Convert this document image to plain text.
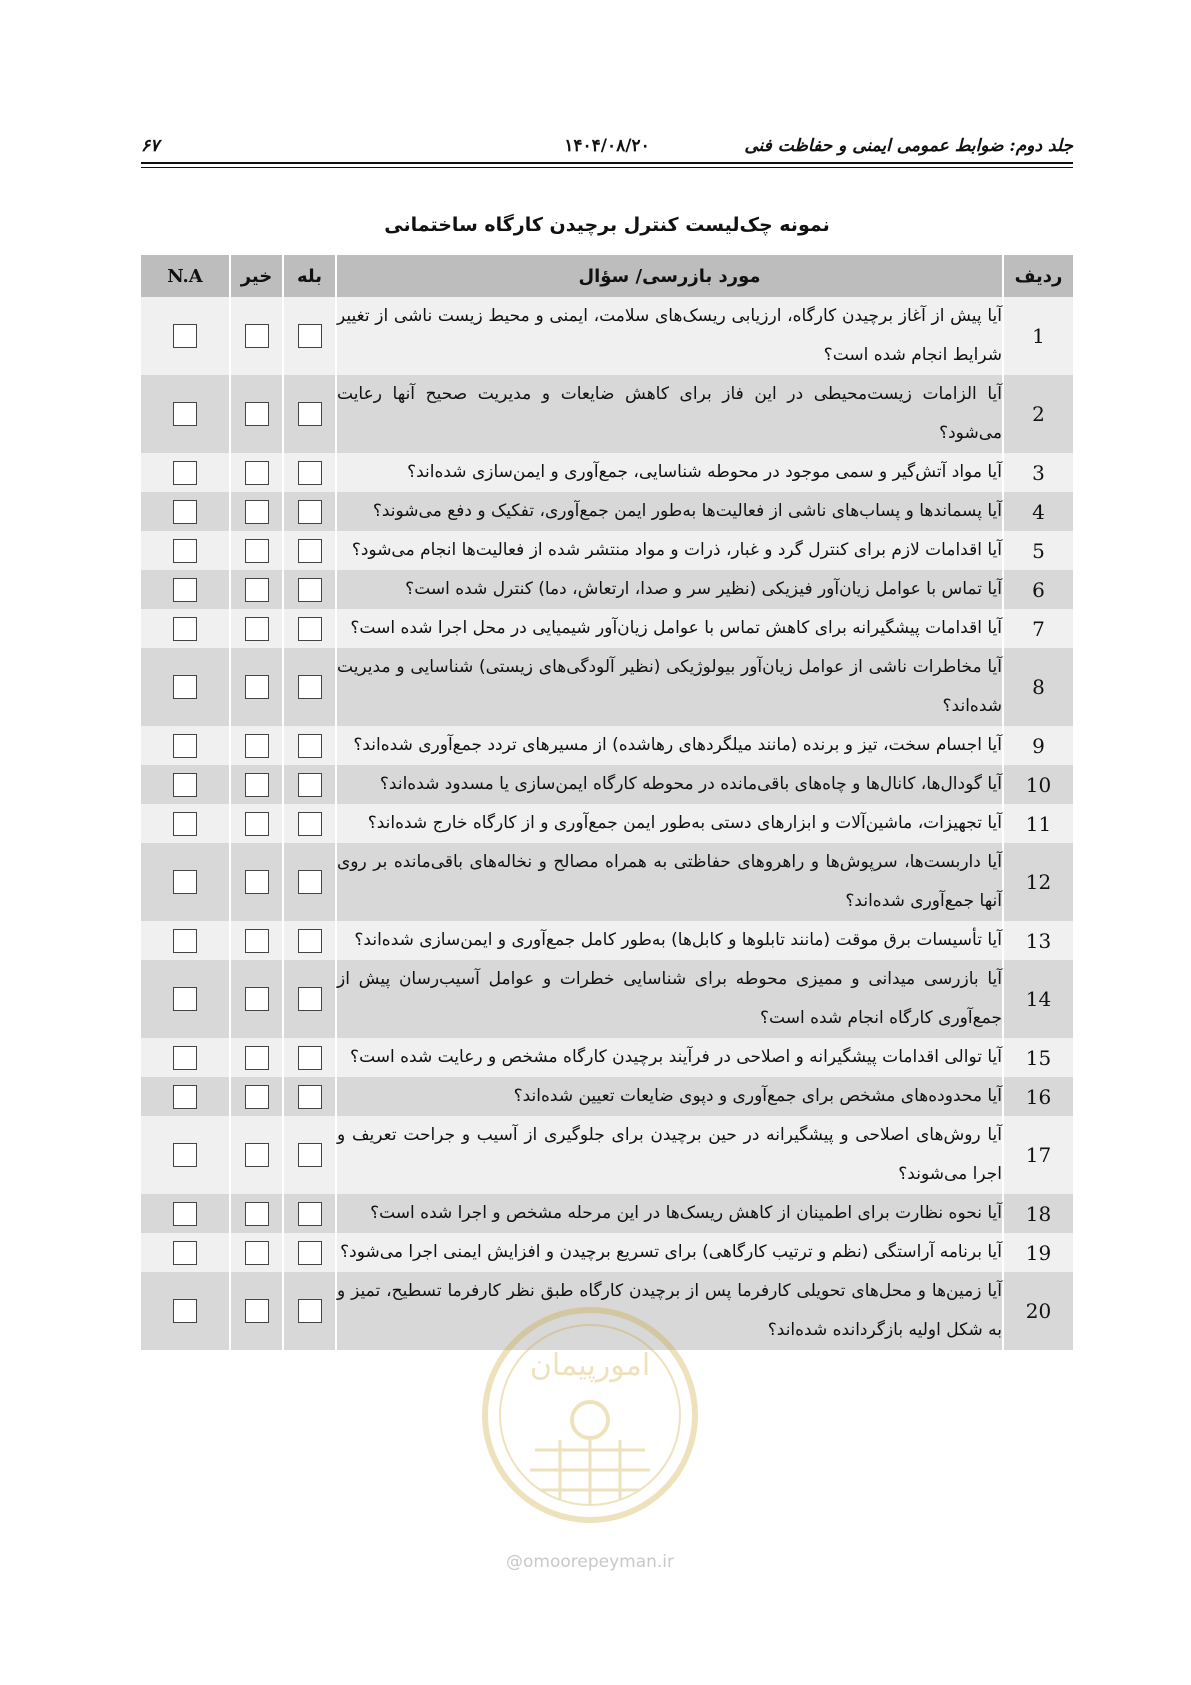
جلد دوم: ضوابط عمومی ایمنی و حفاظت فنی
۱۴۰۴/۰۸/۲۰
۶۷
نمونه چک‌لیست کنترل برچیدن کارگاه ساختمانی
ردیف	مورد بازرسی/ سؤال	بله	خیر	N.A
1	آیا پیش از آغاز برچیدن کارگاه، ارزیابی ریسک‌های سلامت، ایمنی و محیط زیست ناشی از تغییر شرایط انجام شده است؟			
2	آیا الزامات زیست‌محیطی در این فاز برای کاهش ضایعات و مدیریت صحیح آنها رعایت می‌شود؟			
3	آیا مواد آتش‌گیر و سمی موجود در محوطه شناسایی، جمع‌آوری و ایمن‌سازی شده‌اند؟			
4	آیا پسماندها و پساب‌های ناشی از فعالیت‌ها به‌طور ایمن جمع‌آوری، تفکیک و دفع می‌شوند؟			
5	آیا اقدامات لازم برای کنترل گرد و غبار، ذرات و مواد منتشر شده از فعالیت‌ها انجام می‌شود؟			
6	آیا تماس با عوامل زیان‌آور فیزیکی (نظیر سر و صدا، ارتعاش، دما) کنترل شده است؟			
7	آیا اقدامات پیشگیرانه برای کاهش تماس با عوامل زیان‌آور شیمیایی در محل اجرا شده است؟			
8	آیا مخاطرات ناشی از عوامل زیان‌آور بیولوژیکی (نظیر آلودگی‌های زیستی) شناسایی و مدیریت شده‌اند؟			
9	آیا اجسام سخت، تیز و برنده (مانند میلگردهای رهاشده) از مسیرهای تردد جمع‌آوری شده‌اند؟			
10	آیا گودال‌ها، کانال‌ها و چاه‌های باقی‌مانده در محوطه کارگاه ایمن‌سازی یا مسدود شده‌اند؟			
11	آیا تجهیزات، ماشین‌آلات و ابزارهای دستی به‌طور ایمن جمع‌آوری و از کارگاه خارج شده‌اند؟			
12	آیا داربست‌ها، سرپوش‌ها و راهروهای حفاظتی به همراه مصالح و نخاله‌های باقی‌مانده بر روی آنها جمع‌آوری شده‌اند؟			
13	آیا تأسیسات برق موقت (مانند تابلوها و کابل‌ها) به‌طور کامل جمع‌آوری و ایمن‌سازی شده‌اند؟			
14	آیا بازرسی میدانی و ممیزی محوطه برای شناسایی خطرات و عوامل آسیب‌رسان پیش از جمع‌آوری کارگاه انجام شده است؟			
15	آیا توالی اقدامات پیشگیرانه و اصلاحی در فرآیند برچیدن کارگاه مشخص و رعایت شده است؟			
16	آیا محدوده‌های مشخص برای جمع‌آوری و دپوی ضایعات تعیین شده‌اند؟			
17	آیا روش‌های اصلاحی و پیشگیرانه در حین برچیدن برای جلوگیری از آسیب و جراحت تعریف و اجرا می‌شوند؟			
18	آیا نحوه نظارت برای اطمینان از کاهش ریسک‌ها در این مرحله مشخص و اجرا شده است؟			
19	آیا برنامه آراستگی (نظم و ترتیب کارگاهی) برای تسریع برچیدن و افزایش ایمنی اجرا می‌شود؟			
20	آیا زمین‌ها و محل‌های تحویلی کارفرما پس از برچیدن کارگاه طبق نظر کارفرما تسطیح، تمیز و به شکل اولیه بازگردانده شده‌اند؟			
امورپیمان
@omoorepeyman.ir
